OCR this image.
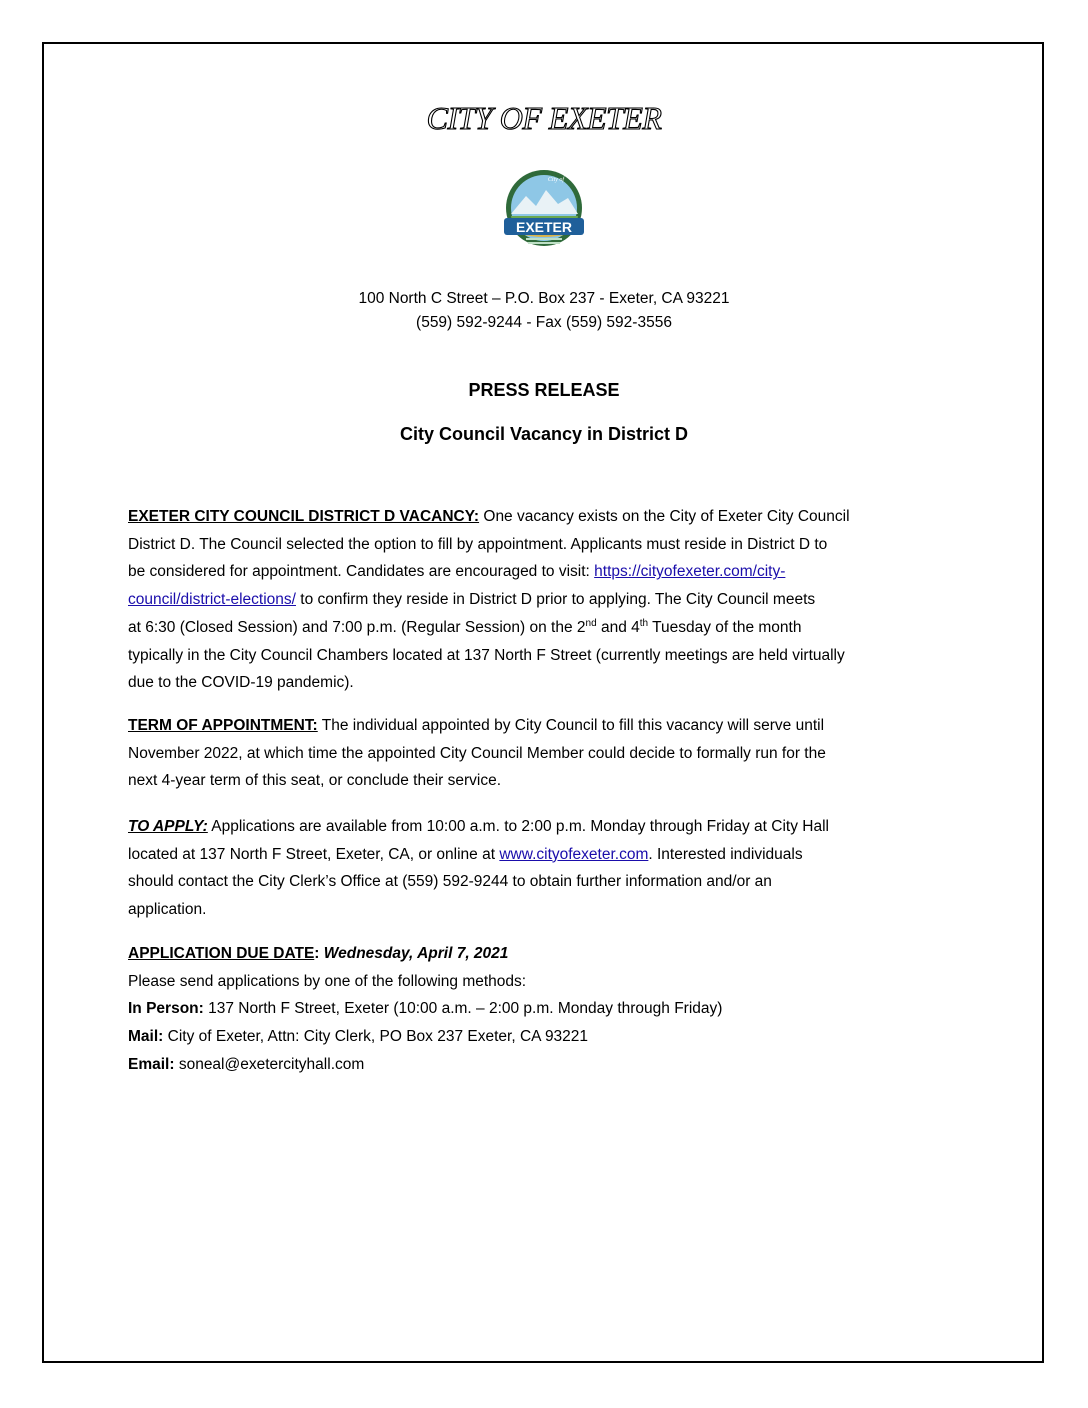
CITY OF EXETER
EXETER
City of
100 North C Street – P.O. Box 237 - Exeter, CA 93221
(559) 592-9244 - Fax (559) 592-3556
PRESS RELEASE
City Council Vacancy in District D
EXETER CITY COUNCIL DISTRICT D VACANCY: One vacancy exists on the City of Exeter City Council
District D. The Council selected the option to fill by appointment. Applicants must reside in District D to
be considered for appointment. Candidates are encouraged to visit: https://cityofexeter.com/city-
council/district-elections/ to confirm they reside in District D prior to applying. The City Council meets
at 6:30 (Closed Session) and 7:00 p.m. (Regular Session) on the 2nd and 4th Tuesday of the month
typically in the City Council Chambers located at 137 North F Street (currently meetings are held virtually
due to the COVID-19 pandemic).
TERM OF APPOINTMENT: The individual appointed by City Council to fill this vacancy will serve until
November 2022, at which time the appointed City Council Member could decide to formally run for the
next 4-year term of this seat, or conclude their service.
TO APPLY: Applications are available from 10:00 a.m. to 2:00 p.m. Monday through Friday at City Hall
located at 137 North F Street, Exeter, CA, or online at www.cityofexeter.com. Interested individuals
should contact the City Clerk’s Office at (559) 592-9244 to obtain further information and/or an
application.
APPLICATION DUE DATE: Wednesday, April 7, 2021
Please send applications by one of the following methods:
In Person: 137 North F Street, Exeter (10:00 a.m. – 2:00 p.m. Monday through Friday)
Mail: City of Exeter, Attn: City Clerk, PO Box 237 Exeter, CA 93221
Email: soneal@exetercityhall.com
